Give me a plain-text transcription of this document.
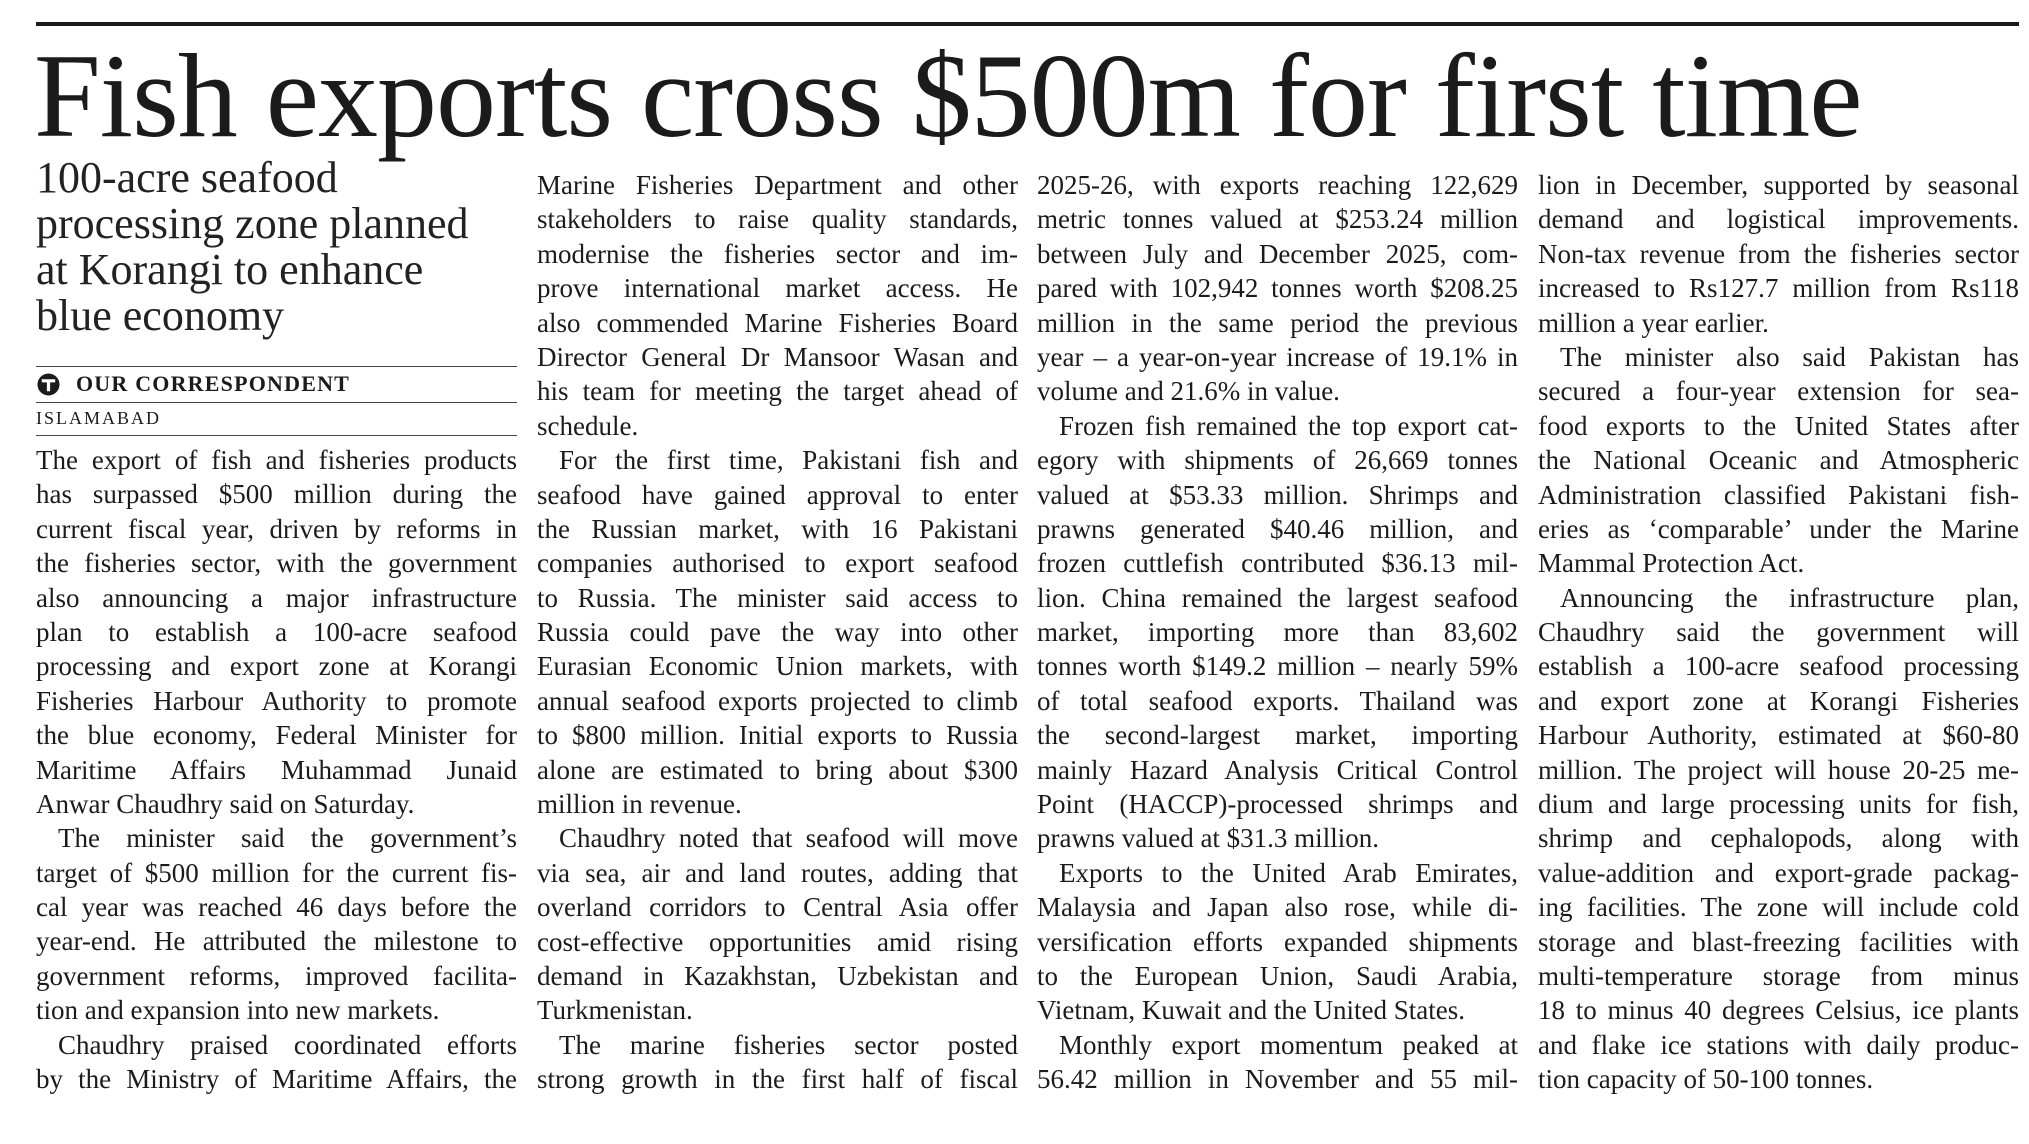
Fish exports cross $500m for first time
100-acre seafood
processing zone planned
at Korangi to enhance
blue economy
OUR CORRESPONDENT
ISLAMABAD
The export of fish and fisheries products
has surpassed $500 million during the
current fiscal year, driven by reforms in
the fisheries sector, with the government
also announcing a major infrastructure
plan to establish a 100-acre seafood
processing and export zone at Korangi
Fisheries Harbour Authority to promote
the blue economy, Federal Minister for
Maritime Affairs Muhammad Junaid
Anwar Chaudhry said on Saturday.
The minister said the government’s
target of $500 million for the current fis-
cal year was reached 46 days before the
year-end. He attributed the milestone to
government reforms, improved facilita-
tion and expansion into new markets.
Chaudhry praised coordinated efforts
by the Ministry of Maritime Affairs, the
Marine Fisheries Department and other
stakeholders to raise quality standards,
modernise the fisheries sector and im-
prove international market access. He
also commended Marine Fisheries Board
Director General Dr Mansoor Wasan and
his team for meeting the target ahead of
schedule.
For the first time, Pakistani fish and
seafood have gained approval to enter
the Russian market, with 16 Pakistani
companies authorised to export seafood
to Russia. The minister said access to
Russia could pave the way into other
Eurasian Economic Union markets, with
annual seafood exports projected to climb
to $800 million. Initial exports to Russia
alone are estimated to bring about $300
million in revenue.
Chaudhry noted that seafood will move
via sea, air and land routes, adding that
overland corridors to Central Asia offer
cost-effective opportunities amid rising
demand in Kazakhstan, Uzbekistan and
Turkmenistan.
The marine fisheries sector posted
strong growth in the first half of fiscal
2025-26, with exports reaching 122,629
metric tonnes valued at $253.24 million
between July and December 2025, com-
pared with 102,942 tonnes worth $208.25
million in the same period the previous
year – a year-on-year increase of 19.1% in
volume and 21.6% in value.
Frozen fish remained the top export cat-
egory with shipments of 26,669 tonnes
valued at $53.33 million. Shrimps and
prawns generated $40.46 million, and
frozen cuttlefish contributed $36.13 mil-
lion. China remained the largest seafood
market, importing more than 83,602
tonnes worth $149.2 million – nearly 59%
of total seafood exports. Thailand was
the second-largest market, importing
mainly Hazard Analysis Critical Control
Point (HACCP)-processed shrimps and
prawns valued at $31.3 million.
Exports to the United Arab Emirates,
Malaysia and Japan also rose, while di-
versification efforts expanded shipments
to the European Union, Saudi Arabia,
Vietnam, Kuwait and the United States.
Monthly export momentum peaked at
56.42 million in November and 55 mil-
lion in December, supported by seasonal
demand and logistical improvements.
Non-tax revenue from the fisheries sector
increased to Rs127.7 million from Rs118
million a year earlier.
The minister also said Pakistan has
secured a four-year extension for sea-
food exports to the United States after
the National Oceanic and Atmospheric
Administration classified Pakistani fish-
eries as ‘comparable’ under the Marine
Mammal Protection Act.
Announcing the infrastructure plan,
Chaudhry said the government will
establish a 100-acre seafood processing
and export zone at Korangi Fisheries
Harbour Authority, estimated at $60-80
million. The project will house 20-25 me-
dium and large processing units for fish,
shrimp and cephalopods, along with
value-addition and export-grade packag-
ing facilities. The zone will include cold
storage and blast-freezing facilities with
multi-temperature storage from minus
18 to minus 40 degrees Celsius, ice plants
and flake ice stations with daily produc-
tion capacity of 50-100 tonnes.
